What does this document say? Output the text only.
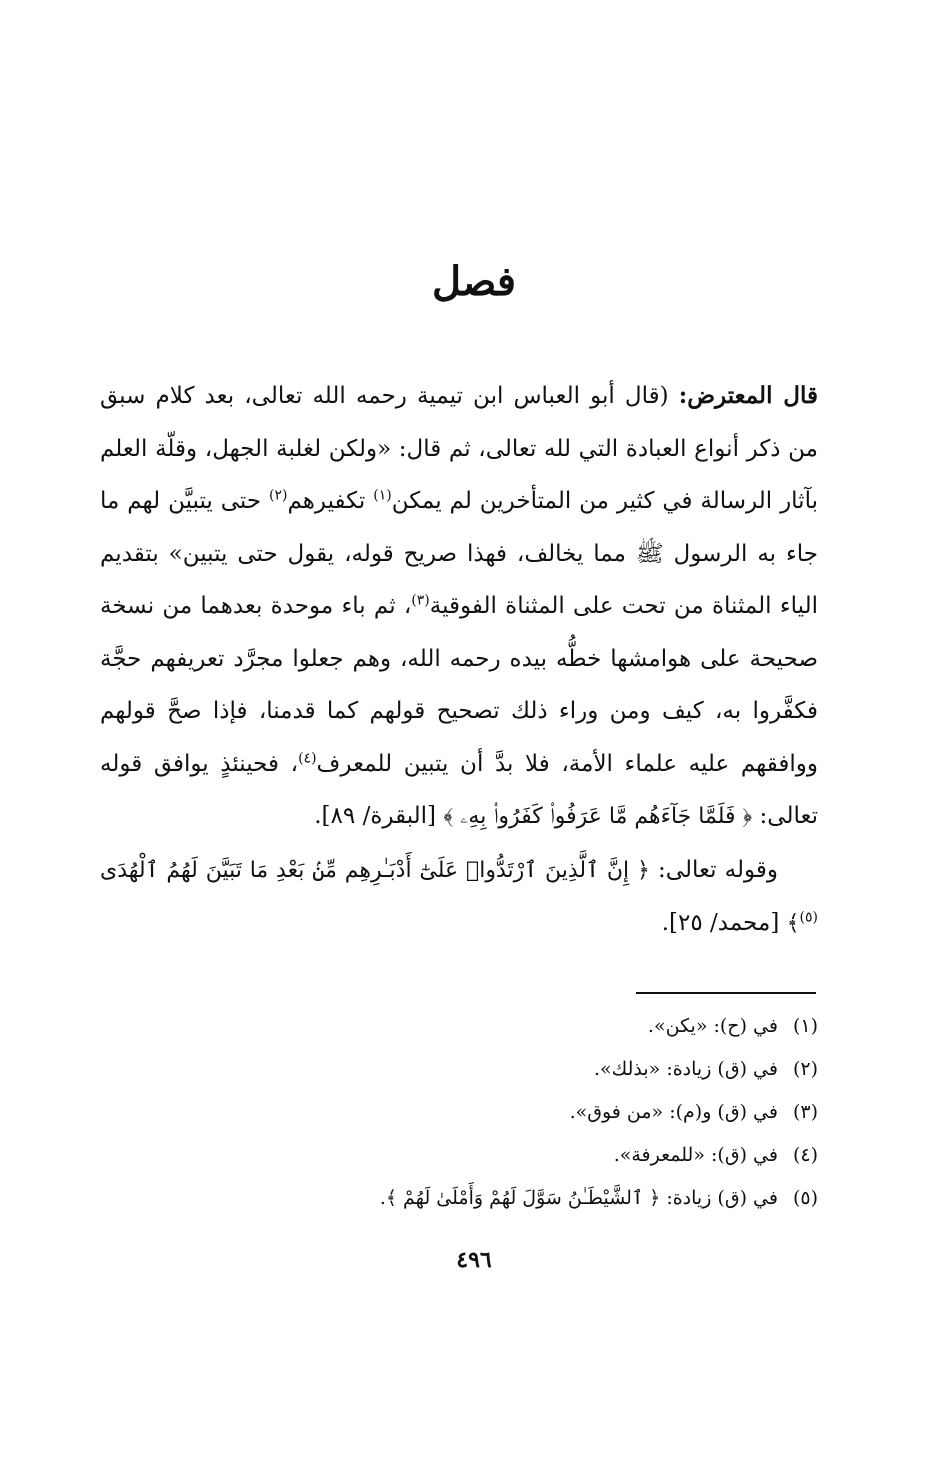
فصل

قال المعترض: (قال أبو العباس ابن تيمية رحمه الله تعالى، بعد كلام سبق من ذكر أنواع العبادة التي لله تعالى، ثم قال: «ولكن لغلبة الجهل، وقلّة العلم بآثار الرسالة في كثير من المتأخرين لم يمكن$^{(١)}$ تكفيرهم$^{(٢)}$ حتى يتبيَّن لهم ما جاء به الرسول ﷺ مما يخالف، فهذا صريح قوله، يقول حتى يتبين» بتقديم الياء المثناة من تحت على المثناة الفوقية$^{(٣)}$، ثم باء موحدة بعدهما من نسخة صحيحة على هوامشها خطُّه بيده رحمه الله، وهم جعلوا مجرَّد تعريفهم حجَّة فكفَّروا به، كيف ومن وراء ذلك تصحيح قولهم كما قدمنا، فإذا صحَّ قولهم ووافقهم عليه علماء الأمة، فلا بدَّ أن يتبين للمعرف$^{(٤)}$، فحينئذٍ يوافق قوله تعالى: ﴿ فَلَمَّا جَآءَهُم مَّا عَرَفُوا۟ كَفَرُوا۟ بِهِۦ ﴾ [البقرة/ ٨٩].

وقوله تعالى: ﴿ إِنَّ ٱلَّذِينَ ٱرْتَدُّوا۟ عَلَىٰٓ أَدْبَـٰرِهِم مِّنۢ بَعْدِ مَا تَبَيَّنَ لَهُمُ ٱلْهُدَى $^{(٥)}$﴾ [محمد/ ٢٥].

(١) في (ح): «يكن».
(٢) في (ق) زيادة: «بذلك».
(٣) في (ق) و(م): «من فوق».
(٤) في (ق): «للمعرفة».
(٥) في (ق) زيادة: ﴿ ٱلشَّيْطَـٰنُ سَوَّلَ لَهُمْ وَأَمْلَىٰ لَهُمْ ﴾.
٤٩٦
